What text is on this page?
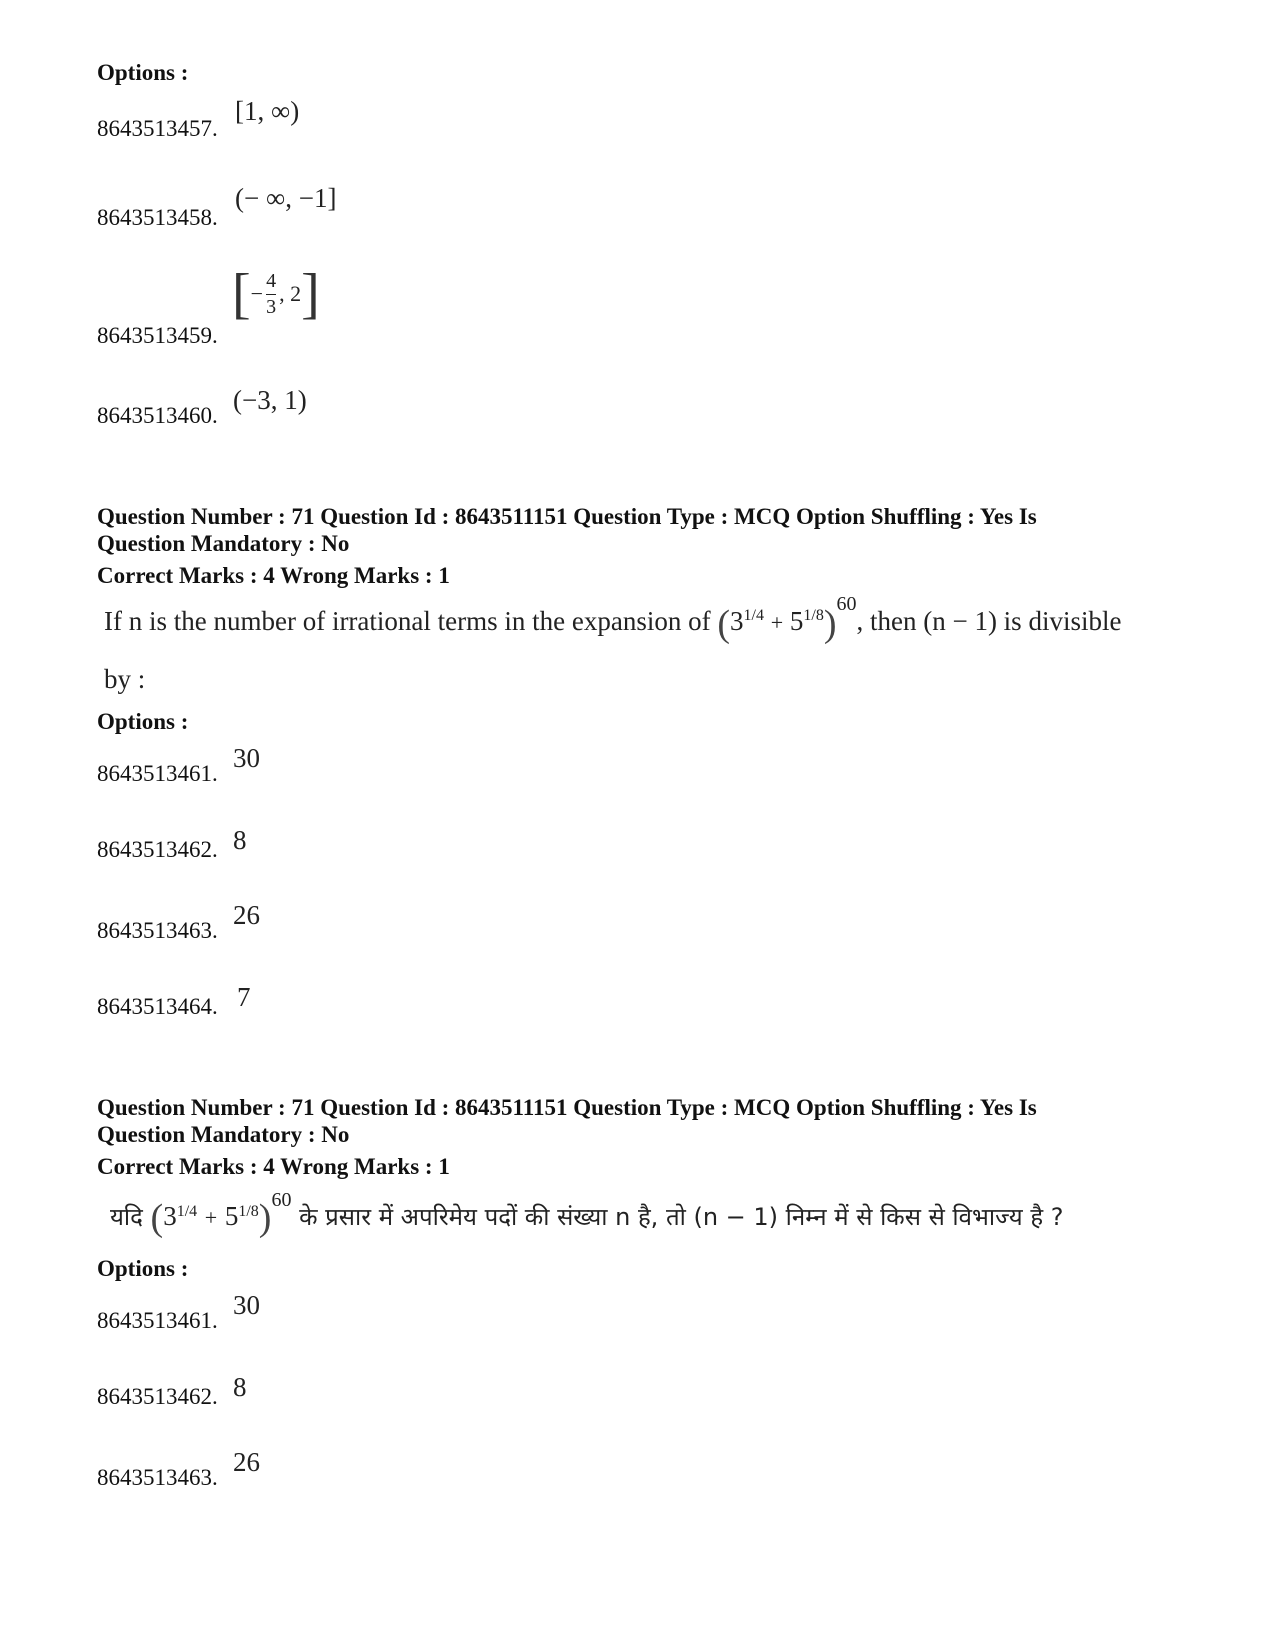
Options :
8643513457.
[1, ∞)
8643513458.
(− ∞, −1]
8643513459.
[− $\frac{4}{3}$ , 2]
8643513460.
(−3, 1)
Question Number : 71 Question Id : 8643511151 Question Type : MCQ Option Shuffling : Yes Is
Question Mandatory : No
Correct Marks : 4 Wrong Marks : 1
If n is the number of irrational terms in the expansion of $(3^{1/4} + 5^{1/8})^{60}$, then (n − 1) is divisible
by :
Options :
8643513461.
30
8643513462. 8
8643513463.
26
8643513464. 7
Question Number : 71 Question Id : 8643511151 Question Type : MCQ Option Shuffling : Yes Is
Question Mandatory : No
Correct Marks : 4 Wrong Marks : 1
यदि $(3^{1/4} + 5^{1/8})^{60}$ के प्रसार में अपरिमेय पदों की संख्या n है, तो (n − 1) निम्न में से किस से विभाज्य है ?
Options :
8643513461.
30
8643513462. 8
8643513463.
26
